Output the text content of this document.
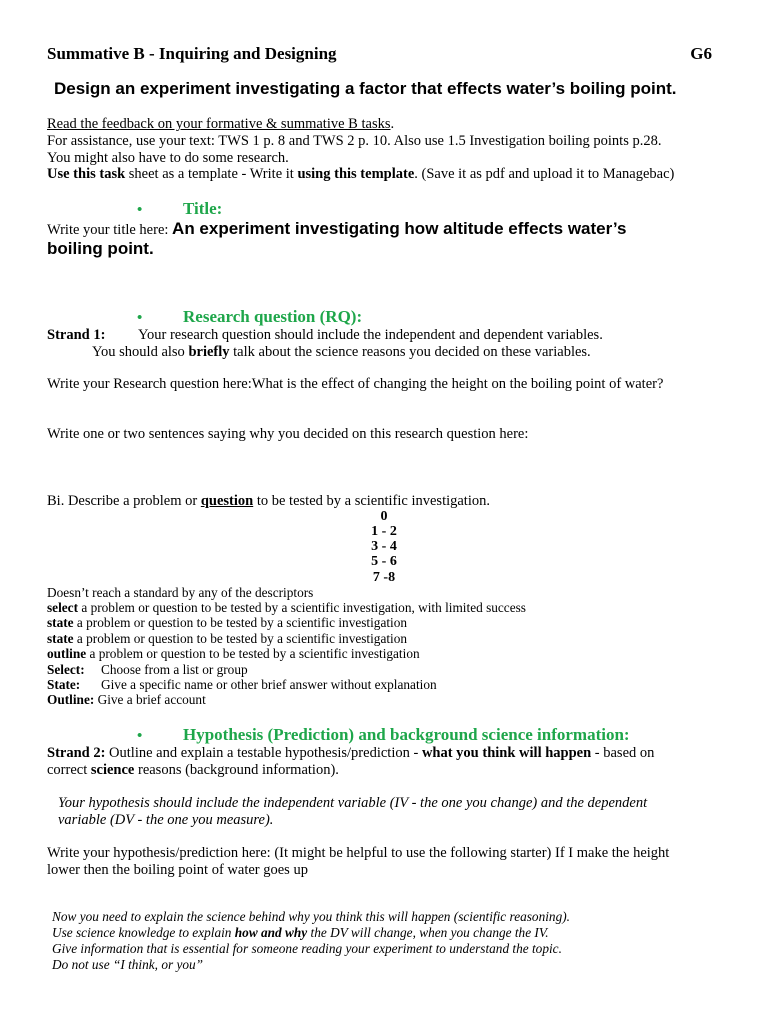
Summative B - Inquiring and Designing	G6
Design an experiment investigating a factor that effects water’s boiling point.
Read the feedback on your formative & summative B tasks.
For assistance, use your text: TWS 1 p. 8 and TWS 2 p. 10. Also use 1.5 Investigation boiling points p.28.
You might also have to do some research.
Use this task sheet as a template - Write it using this template. (Save it as pdf and upload it to Managebac)
•	Title:
Write your title here: An experiment investigating how altitude effects water’s
boiling point.
•	Research question (RQ):
Strand 1: Your research question should include the independent and dependent variables.
You should also briefly talk about the science reasons you decided on these variables.
Write your Research question here:What is the effect of changing the height on the boiling point of water?
Write one or two sentences saying why you decided on this research question here:
Bi. Describe a problem or question to be tested by a scientific investigation.
0
1 - 2
3 - 4
5 - 6
7 -8
Doesn’t reach a standard by any of the descriptors
select a problem or question to be tested by a scientific investigation, with limited success
state a problem or question to be tested by a scientific investigation
state a problem or question to be tested by a scientific investigation
outline a problem or question to be tested by a scientific investigation
Select: Choose from a list or group
State: Give a specific name or other brief answer without explanation
Outline: Give a brief account
•	Hypothesis (Prediction) and background science information:
Strand 2: Outline and explain a testable hypothesis/prediction - what you think will happen - based on
correct science reasons (background information).
Your hypothesis should include the independent variable (IV - the one you change) and the dependent
variable (DV - the one you measure).
Write your hypothesis/prediction here: (It might be helpful to use the following starter) If I make the height
lower then the boiling point of water goes up
Now you need to explain the science behind why you think this will happen (scientific reasoning).
Use science knowledge to explain how and why the DV will change, when you change the IV.
Give information that is essential for someone reading your experiment to understand the topic.
Do not use “I think, or you”
